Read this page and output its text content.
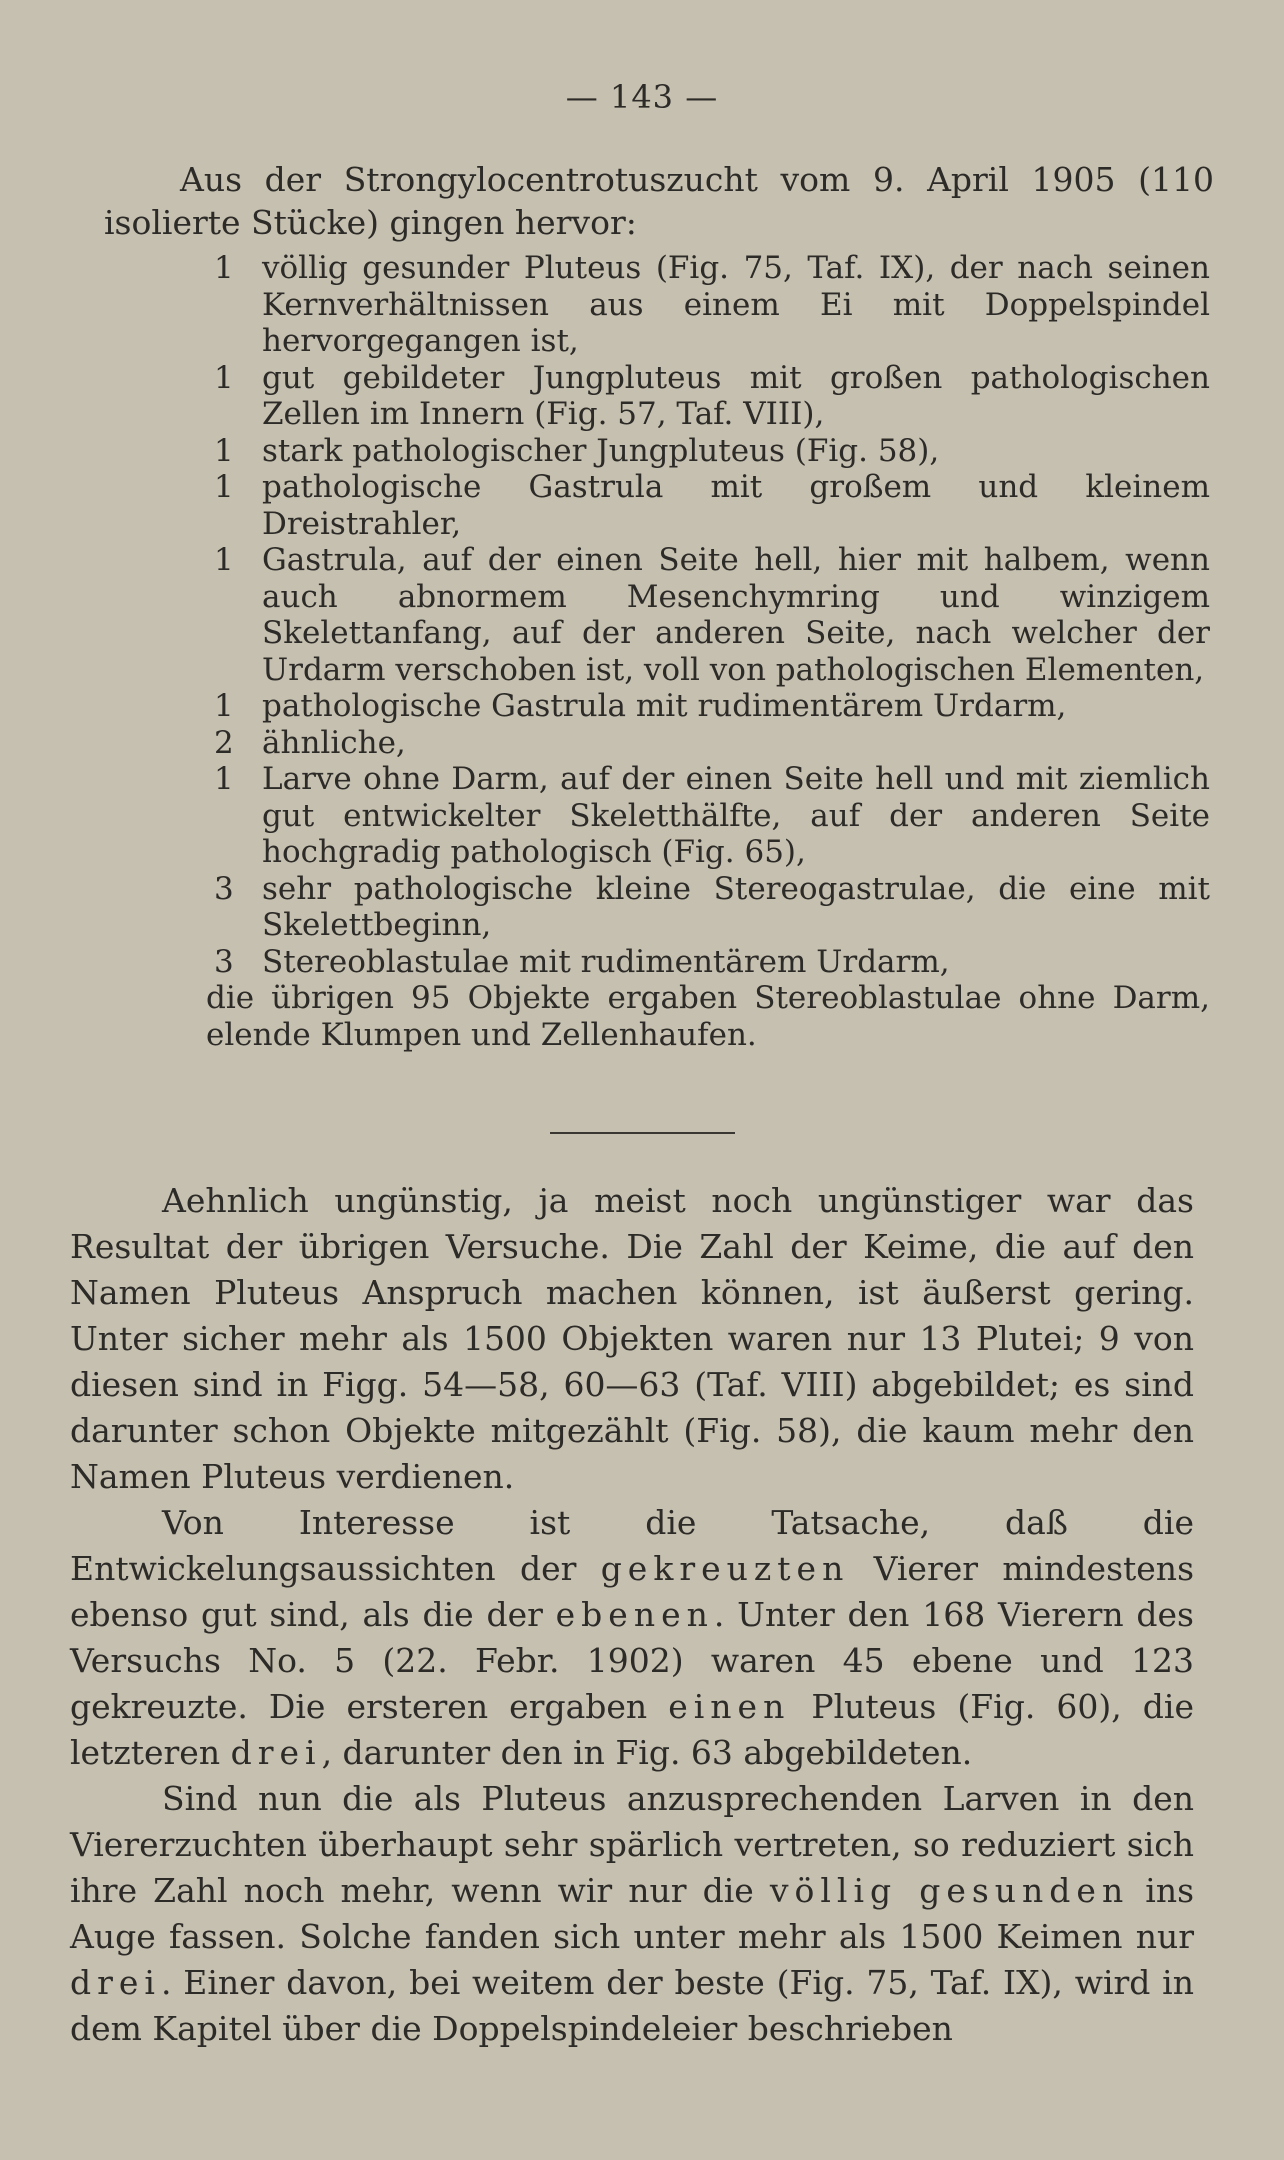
— 143 —
Aus der Strongylocentrotuszucht vom 9. April 1905 (110 isolierte Stücke) gingen hervor:
1 völlig gesunder Pluteus (Fig. 75, Taf. IX), der nach seinen Kernverhältnissen aus einem Ei mit Doppelspindel hervorgegangen ist,
1 gut gebildeter Jungpluteus mit großen pathologischen Zellen im Innern (Fig. 57, Taf. VIII),
1 stark pathologischer Jungpluteus (Fig. 58),
1 pathologische Gastrula mit großem und kleinem Dreistrahler,
1 Gastrula, auf der einen Seite hell, hier mit halbem, wenn auch abnormem Mesenchymring und winzigem Skelettanfang, auf der anderen Seite, nach welcher der Urdarm verschoben ist, voll von pathologischen Elementen,
1 pathologische Gastrula mit rudimentärem Urdarm,
2 ähnliche,
1 Larve ohne Darm, auf der einen Seite hell und mit ziemlich gut entwickelter Skeletthälfte, auf der anderen Seite hochgradig pathologisch (Fig. 65),
3 sehr pathologische kleine Stereogastrulae, die eine mit Skelettbeginn,
3 Stereoblastulae mit rudimentärem Urdarm,
die übrigen 95 Objekte ergaben Stereoblastulae ohne Darm, elende Klumpen und Zellenhaufen.

Aehnlich ungünstig, ja meist noch ungünstiger war das Resultat der übrigen Versuche. Die Zahl der Keime, die auf den Namen Pluteus Anspruch machen können, ist äußerst gering. Unter sicher mehr als 1500 Objekten waren nur 13 Plutei; 9 von diesen sind in Figg. 54—58, 60—63 (Taf. VIII) abgebildet; es sind darunter schon Objekte mitgezählt (Fig. 58), die kaum mehr den Namen Pluteus verdienen.

Von Interesse ist die Tatsache, daß die Entwickelungsaussichten der gekreuzten Vierer mindestens ebenso gut sind, als die der ebenen. Unter den 168 Vierern des Versuchs No. 5 (22. Febr. 1902) waren 45 ebene und 123 gekreuzte. Die ersteren ergaben einen Pluteus (Fig. 60), die letzteren drei, darunter den in Fig. 63 abgebildeten.

Sind nun die als Pluteus anzusprechenden Larven in den Viererzuchten überhaupt sehr spärlich vertreten, so reduziert sich ihre Zahl noch mehr, wenn wir nur die völlig gesunden ins Auge fassen. Solche fanden sich unter mehr als 1500 Keimen nur drei. Einer davon, bei weitem der beste (Fig. 75, Taf. IX), wird in dem Kapitel über die Doppelspindeleier beschrieben
